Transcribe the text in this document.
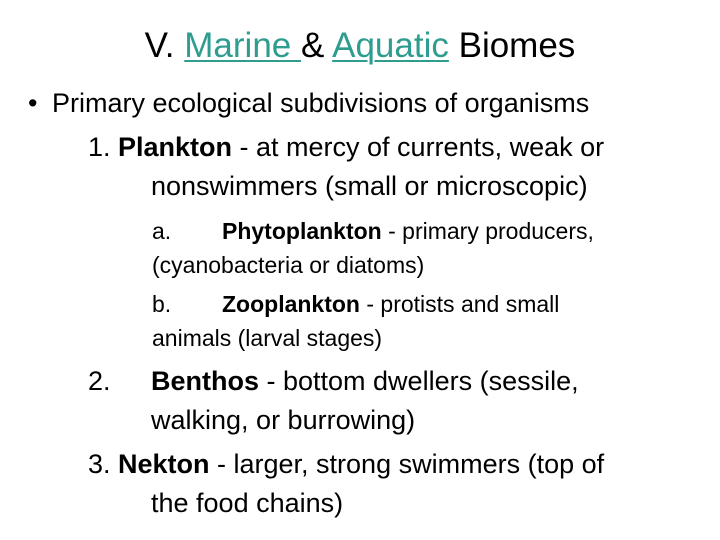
V. Marine & Aquatic Biomes
• Primary ecological subdivisions of organisms
1. Plankton - at mercy of currents, weak or
nonswimmers (small or microscopic)
a. Phytoplankton - primary producers,
(cyanobacteria or diatoms)
b. Zooplankton - protists and small
animals (larval stages)
2. Benthos - bottom dwellers (sessile,
walking, or burrowing)
3. Nekton - larger, strong swimmers (top of
the food chains)
